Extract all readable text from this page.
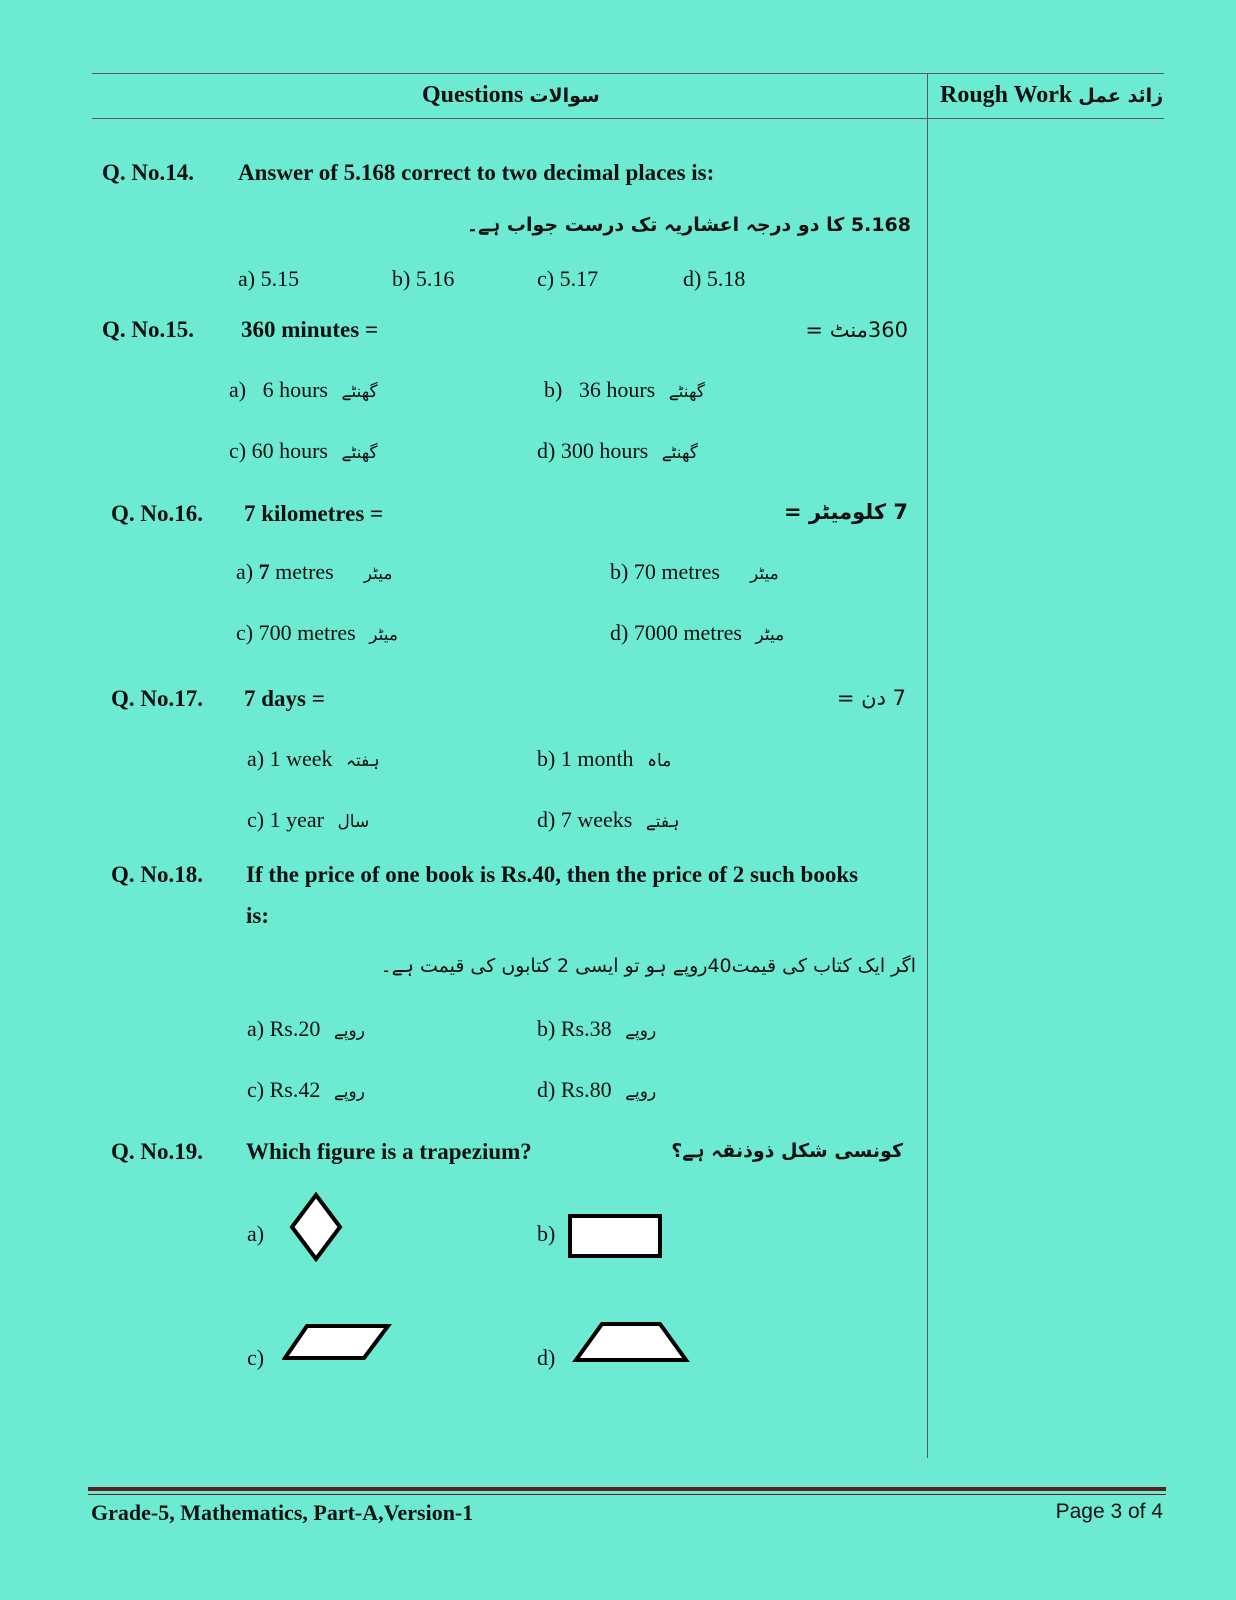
Questions سوالات	Rough Work زائد عمل
Q. No.14. Answer of 5.168 correct to two decimal places is:
5.168 کا دو درجہ اعشاریہ تک درست جواب ہے۔
a) 5.15	b) 5.16	c) 5.17	d) 5.18
Q. No.15. 360 minutes =	360منٹ =
a) 6 hours گھنٹے	b) 36 hours گھنٹے
c) 60 hours گھنٹے	d) 300 hours گھنٹے
Q. No.16. 7 kilometres =	7 کلومیٹر =
a) 7 metres میٹر	b) 70 metres میٹر
c) 700 metres میٹر	d) 7000 metres میٹر
Q. No.17. 7 days =	7 دن =
a) 1 week ہفتہ	b) 1 month ماہ
c) 1 year سال	d) 7 weeks ہفتے
Q. No.18. If the price of one book is Rs.40, then the price of 2 such books
is:
اگر ایک کتاب کی قیمت40روپے ہو تو ایسی 2 کتابوں کی قیمت ہے۔
a) Rs.20 روپے	b) Rs.38 روپے
c) Rs.42 روپے	d) Rs.80 روپے
Q. No.19. Which figure is a trapezium?	کونسی شکل ذوذنقہ ہے؟
a)	b)
c)	d)
Grade-5, Mathematics, Part-A,Version-1	Page 3 of 4
